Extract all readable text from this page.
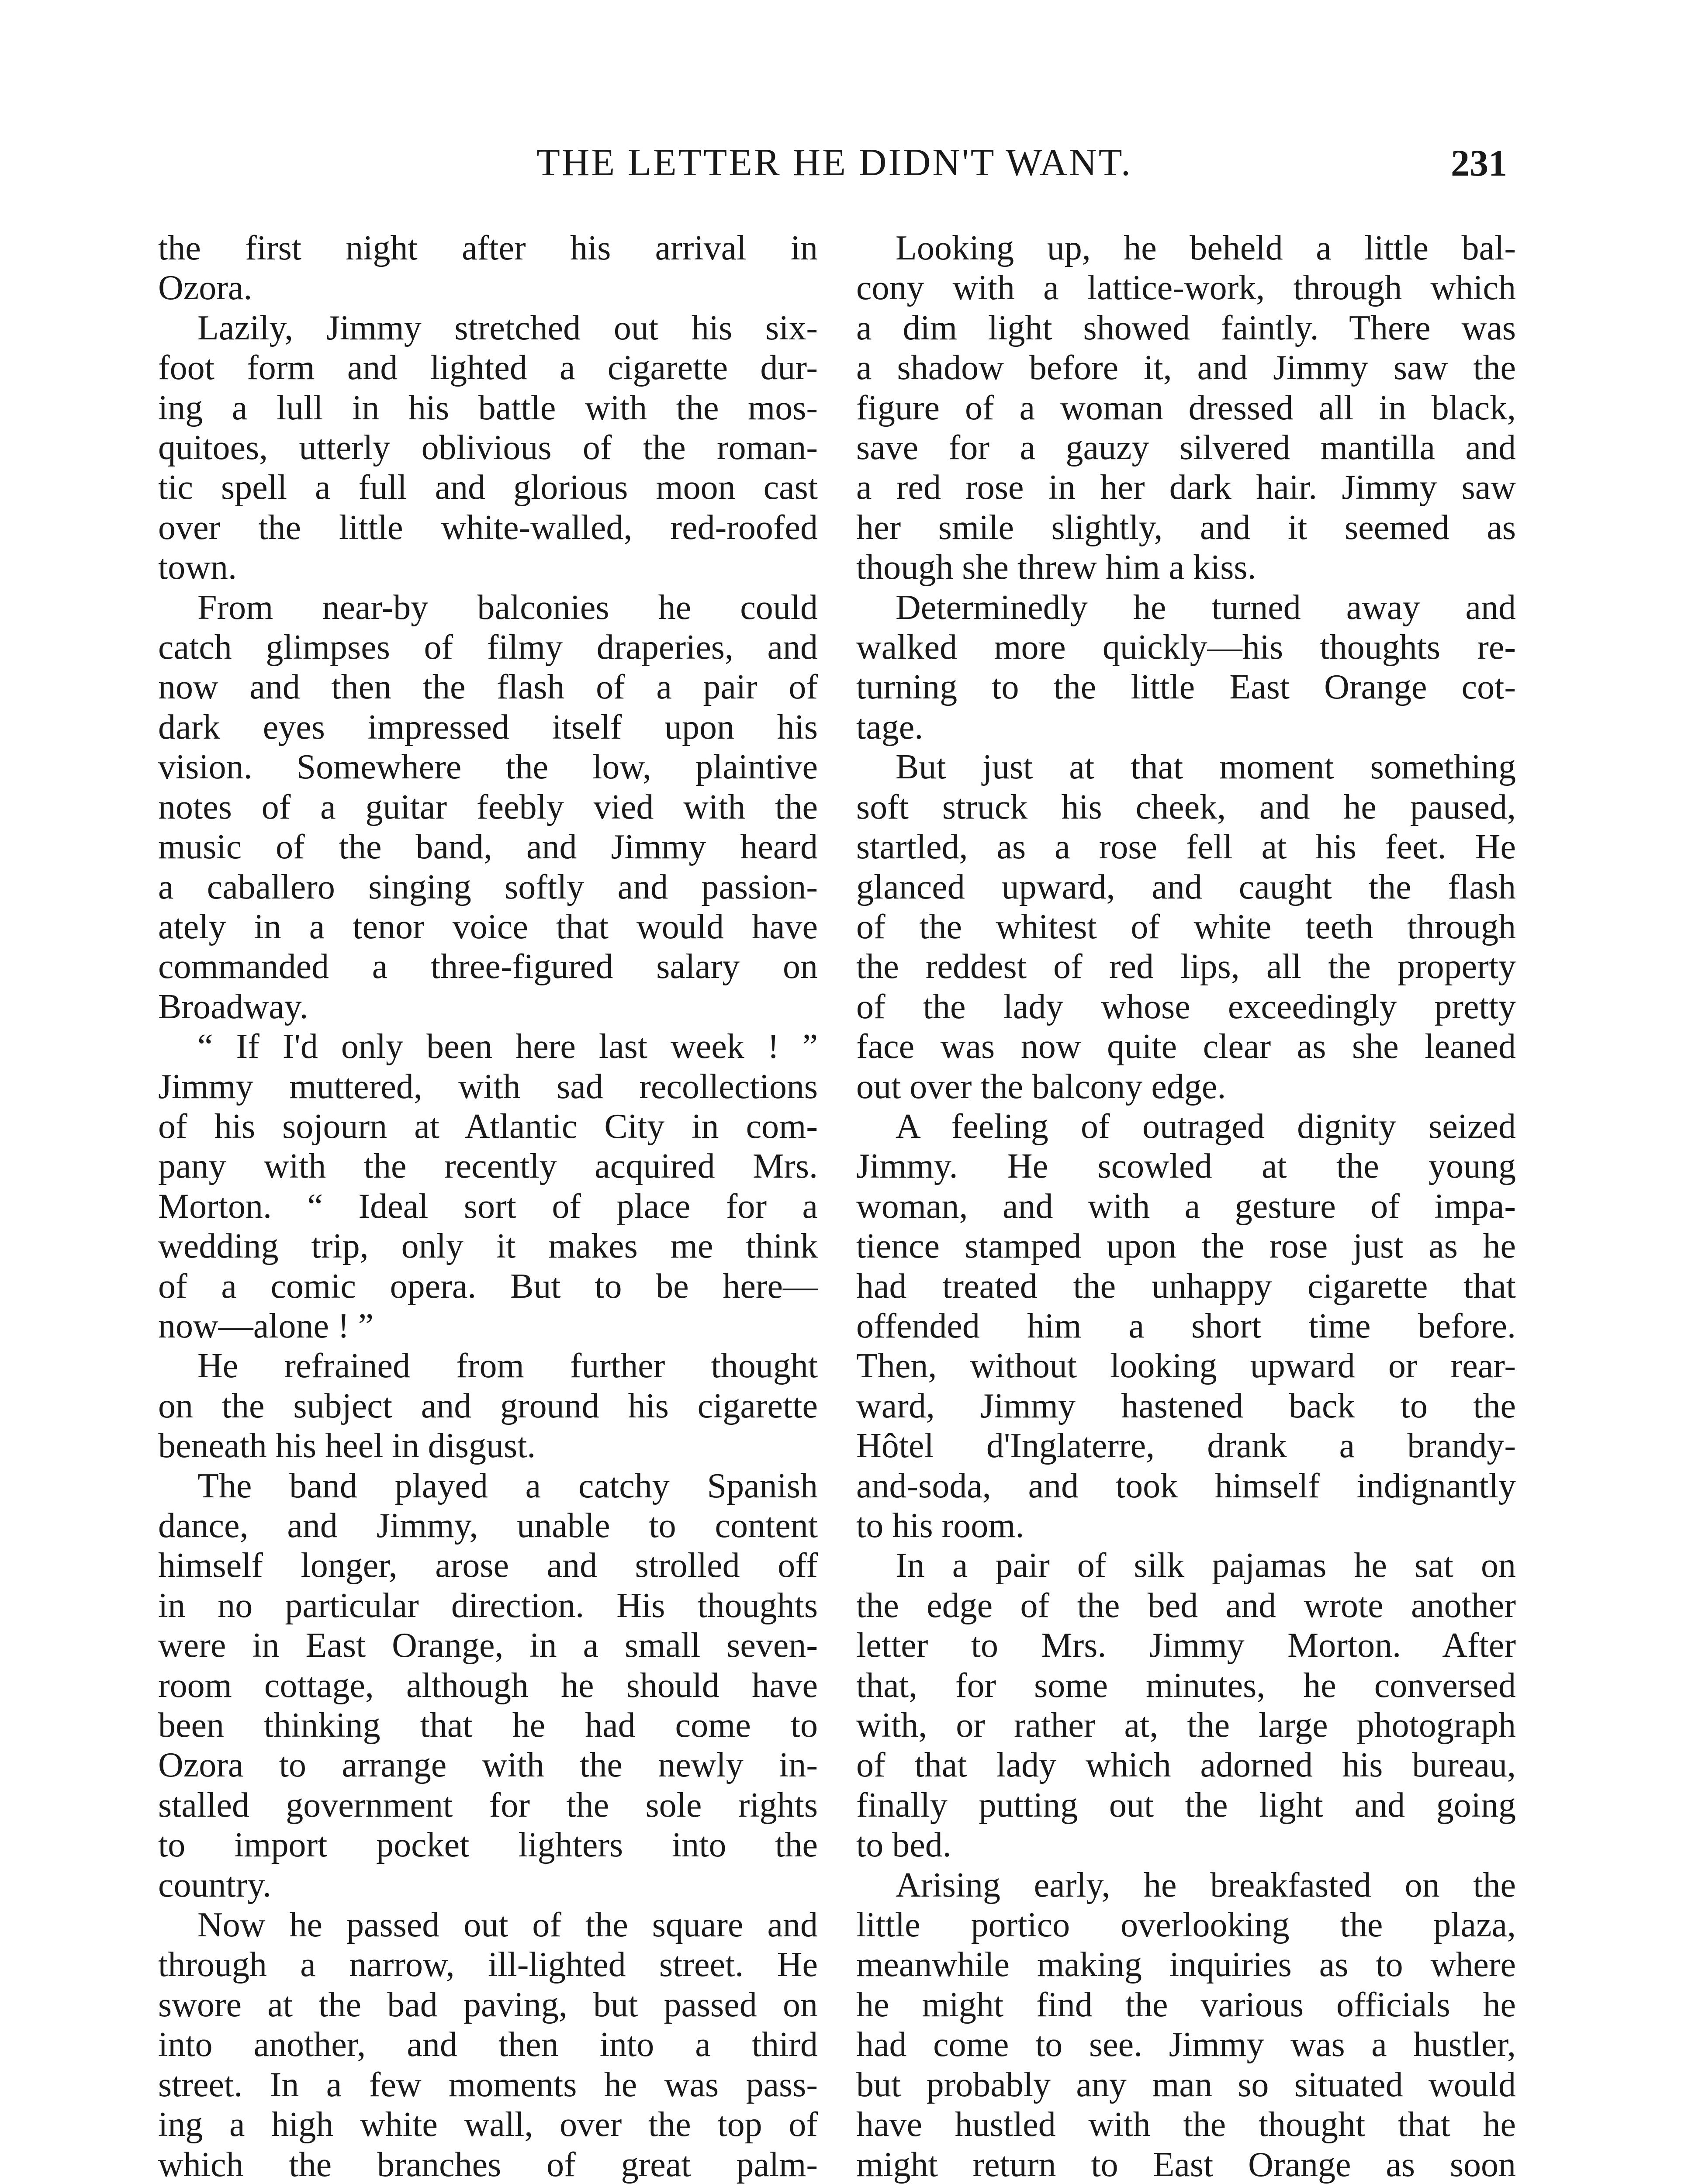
THE LETTER HE DIDN'T WANT.	231

the first night after his arrival in
Ozora.

Lazily, Jimmy stretched out his six-
foot form and lighted a cigarette dur-
ing a lull in his battle with the mos-
quitoes, utterly oblivious of the roman-
tic spell a full and glorious moon cast
over the little white-walled, red-roofed
town.

From near-by balconies he could
catch glimpses of filmy draperies, and
now and then the flash of a pair of
dark eyes impressed itself upon his
vision. Somewhere the low, plaintive
notes of a guitar feebly vied with the
music of the band, and Jimmy heard
a caballero singing softly and passion-
ately in a tenor voice that would have
commanded a three-figured salary on
Broadway.

“ If I'd only been here last week ! ”
Jimmy muttered, with sad recollections
of his sojourn at Atlantic City in com-
pany with the recently acquired Mrs.
Morton. “ Ideal sort of place for a
wedding trip, only it makes me think
of a comic opera. But to be here—
now—alone ! ”

He refrained from further thought
on the subject and ground his cigarette
beneath his heel in disgust.

The band played a catchy Spanish
dance, and Jimmy, unable to content
himself longer, arose and strolled off
in no particular direction. His thoughts
were in East Orange, in a small seven-
room cottage, although he should have
been thinking that he had come to
Ozora to arrange with the newly in-
stalled government for the sole rights
to import pocket lighters into the
country.

Now he passed out of the square and
through a narrow, ill-lighted street. He
swore at the bad paving, but passed on
into another, and then into a third
street. In a few moments he was pass-
ing a high white wall, over the top of
which the branches of great palm-

Looking up, he beheld a little bal-
cony with a lattice-work, through which
a dim light showed faintly. There was
a shadow before it, and Jimmy saw the
figure of a woman dressed all in black,
save for a gauzy silvered mantilla and
a red rose in her dark hair. Jimmy saw
her smile slightly, and it seemed as
though she threw him a kiss.

Determinedly he turned away and
walked more quickly—his thoughts re-
turning to the little East Orange cot-
tage.

But just at that moment something
soft struck his cheek, and he paused,
startled, as a rose fell at his feet. He
glanced upward, and caught the flash
of the whitest of white teeth through
the reddest of red lips, all the property
of the lady whose exceedingly pretty
face was now quite clear as she leaned
out over the balcony edge.

A feeling of outraged dignity seized
Jimmy. He scowled at the young
woman, and with a gesture of impa-
tience stamped upon the rose just as he
had treated the unhappy cigarette that
offended him a short time before.
Then, without looking upward or rear-
ward, Jimmy hastened back to the
Hôtel d'Inglaterre, drank a brandy-
and-soda, and took himself indignantly
to his room.

In a pair of silk pajamas he sat on
the edge of the bed and wrote another
letter to Mrs. Jimmy Morton. After
that, for some minutes, he conversed
with, or rather at, the large photograph
of that lady which adorned his bureau,
finally putting out the light and going
to bed.

Arising early, he breakfasted on the
little portico overlooking the plaza,
meanwhile making inquiries as to where
he might find the various officials he
had come to see. Jimmy was a hustler,
but probably any man so situated would
have hustled with the thought that he
might return to East Orange as soon
